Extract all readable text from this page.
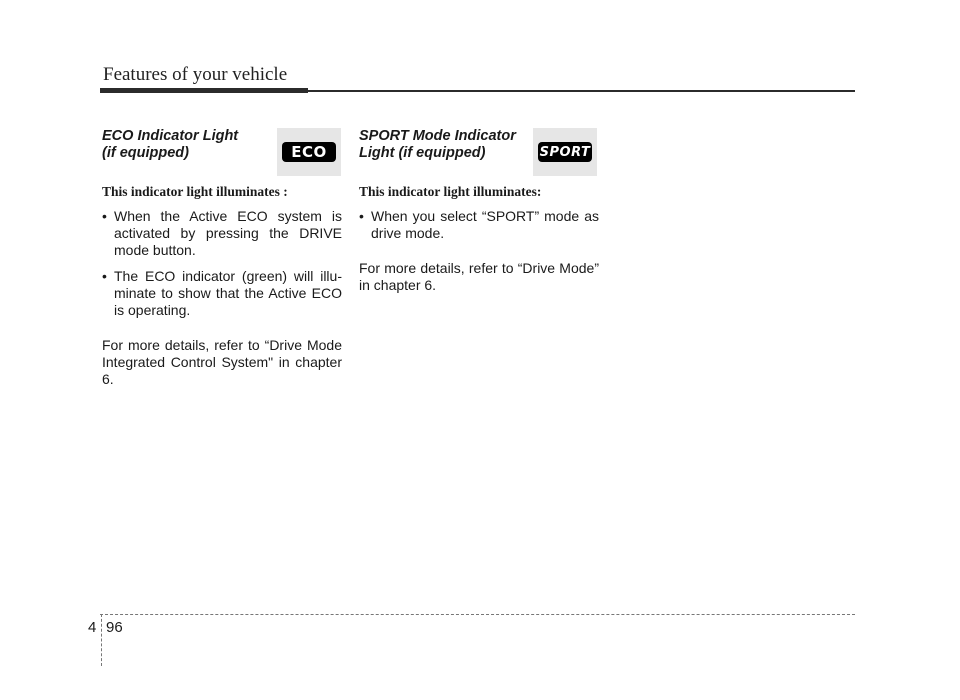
Features of your vehicle

ECO Indicator Light
(if equipped)

This indicator light illuminates :

• When the Active ECO system is activated by pressing the DRIVE mode button.
• The ECO indicator (green) will illu-minate to show that the Active ECO is operating.

For more details, refer to “Drive Mode Integrated Control System" in chapter 6.

ECO

SPORT Mode Indicator
Light (if equipped)

This indicator light illuminates:

• When you select “SPORT” mode as drive mode.

For more details, refer to “Drive Mode” in chapter 6.

SPORT
4 96
